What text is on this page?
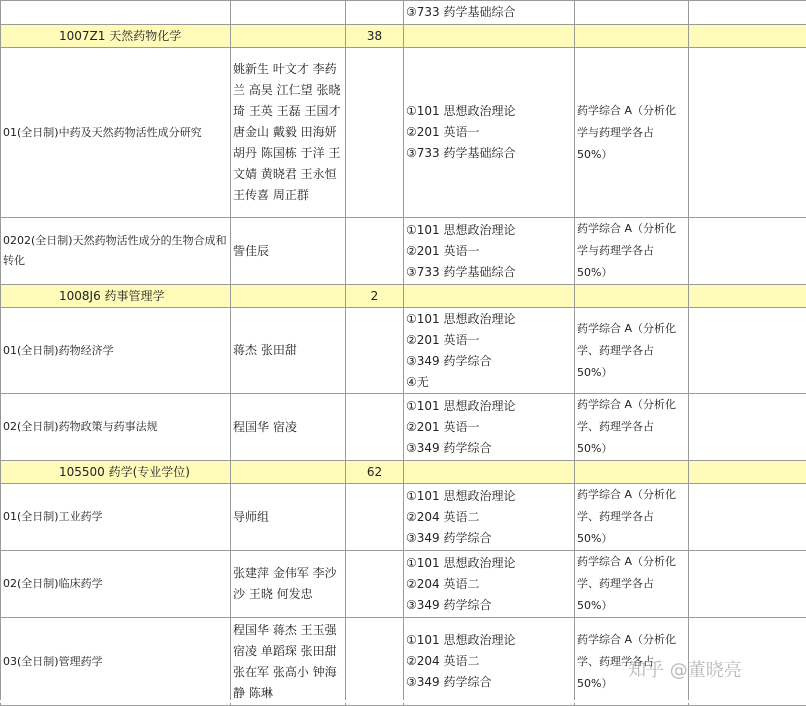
			③733 药学基础综合		

1007Z1 天然药物化学		38			
01(全日制)中药及天然药物活性成分研究	姚新生 叶文才 李药兰 高昊 江仁望 张晓琦 王英 王磊 王国才 唐金山 戴毅 田海妍 胡丹 陈国栋 于洋 王文婧 黄晓君 王永恒 王传喜 周正群		①101 思想政治理论
②201 英语一
③733 药学基础综合	药学综合 A（分析化学与药理学各占 50%）	
0202(全日制)天然药物活性成分的生物合成和转化	訾佳辰		①101 思想政治理论
②201 英语一
③733 药学基础综合	药学综合 A（分析化学与药理学各占 50%）	
1008J6 药事管理学		2			
01(全日制)药物经济学	蒋杰 张田甜		①101 思想政治理论
②201 英语一
③349 药学综合
④无	药学综合 A（分析化学、药理学各占 50%）	
02(全日制)药物政策与药事法规	程国华 宿凌		①101 思想政治理论
②201 英语一
③349 药学综合	药学综合 A（分析化学、药理学各占 50%）	
105500 药学(专业学位)		62			
01(全日制)工业药学	导师组		①101 思想政治理论
②204 英语二
③349 药学综合	药学综合 A（分析化学、药理学各占 50%）	
02(全日制)临床药学	张建萍 金伟军 李沙沙 王晓 何发忠		①101 思想政治理论
②204 英语二
③349 药学综合	药学综合 A（分析化学、药理学各占 50%）	
03(全日制)管理药学	程国华 蒋杰 王玉强 宿凌 单蹈琛 张田甜 张在军 张高小 钟海静 陈琳		①101 思想政治理论
②204 英语二
③349 药学综合	药学综合 A（分析化学、药理学各占 50%）	
知乎 @董晓亮
